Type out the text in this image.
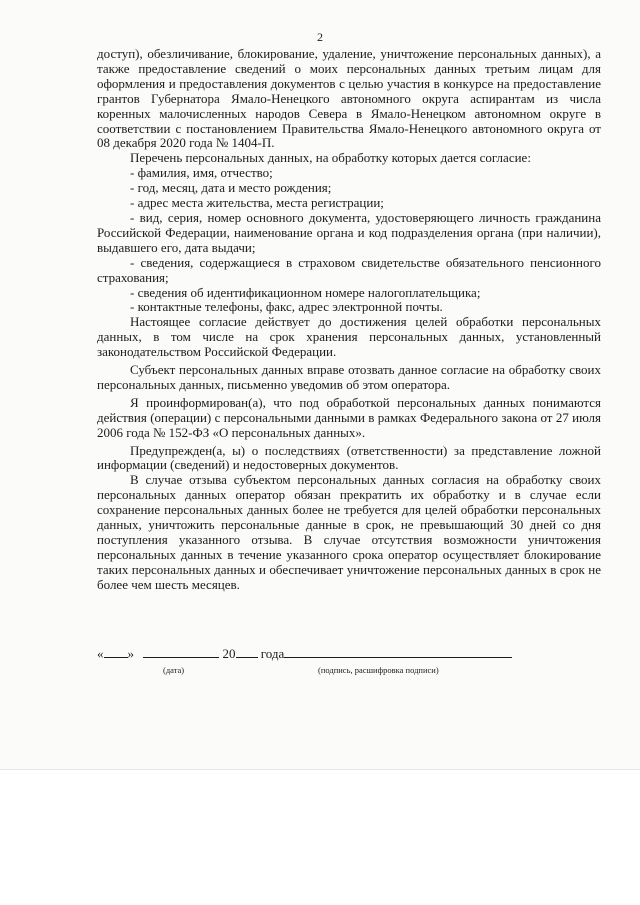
2

доступ), обезличивание, блокирование, удаление, уничтожение персональных данных), а также предоставление сведений о моих персональных данных третьим лицам для оформления и предоставления документов с целью участия в конкурсе на предоставление грантов Губернатора Ямало-Ненецкого автономного округа аспирантам из числа коренных малочисленных народов Севера в Ямало-Ненецком автономном округе в соответствии с постановлением Правительства Ямало-Ненецкого автономного округа от 08 декабря 2020 года № 1404-П.

Перечень персональных данных, на обработку которых дается согласие:

- фамилия, имя, отчество;

- год, месяц, дата и место рождения;

- адрес места жительства, места регистрации;

- вид, серия, номер основного документа, удостоверяющего личность гражданина Российской Федерации, наименование органа и код подразделения органа (при наличии), выдавшего его, дата выдачи;

- сведения, содержащиеся в страховом свидетельстве обязательного пенсионного страхования;

- сведения об идентификационном номере налогоплательщика;

- контактные телефоны, факс, адрес электронной почты.

Настоящее согласие действует до достижения целей обработки персональных данных, в том числе на срок хранения персональных данных, установленный законодательством Российской Федерации.

Субъект персональных данных вправе отозвать данное согласие на обработку своих персональных данных, письменно уведомив об этом оператора.

Я проинформирован(а), что под обработкой персональных данных понимаются действия (операции) с персональными данными в рамках Федерального закона от 27 июля 2006 года № 152-ФЗ «О персональных данных».

Предупрежден(а, ы) о последствиях (ответственности) за представление ложной информации (сведений) и недостоверных документов.

В случае отзыва субъектом персональных данных согласия на обработку своих персональных данных оператор обязан прекратить их обработку и в случае если сохранение персональных данных более не требуется для целей обработки персональных данных, уничтожить персональные данные в срок, не превышающий 30 дней со дня поступления указанного отзыва. В случае отсутствия возможности уничтожения персональных данных в течение указанного срока оператор осуществляет блокирование таких персональных данных и обеспечивает уничтожение персональных данных в срок не более чем шесть месяцев.

« »	20 года
(дата)	(подпись, расшифровка подписи)
